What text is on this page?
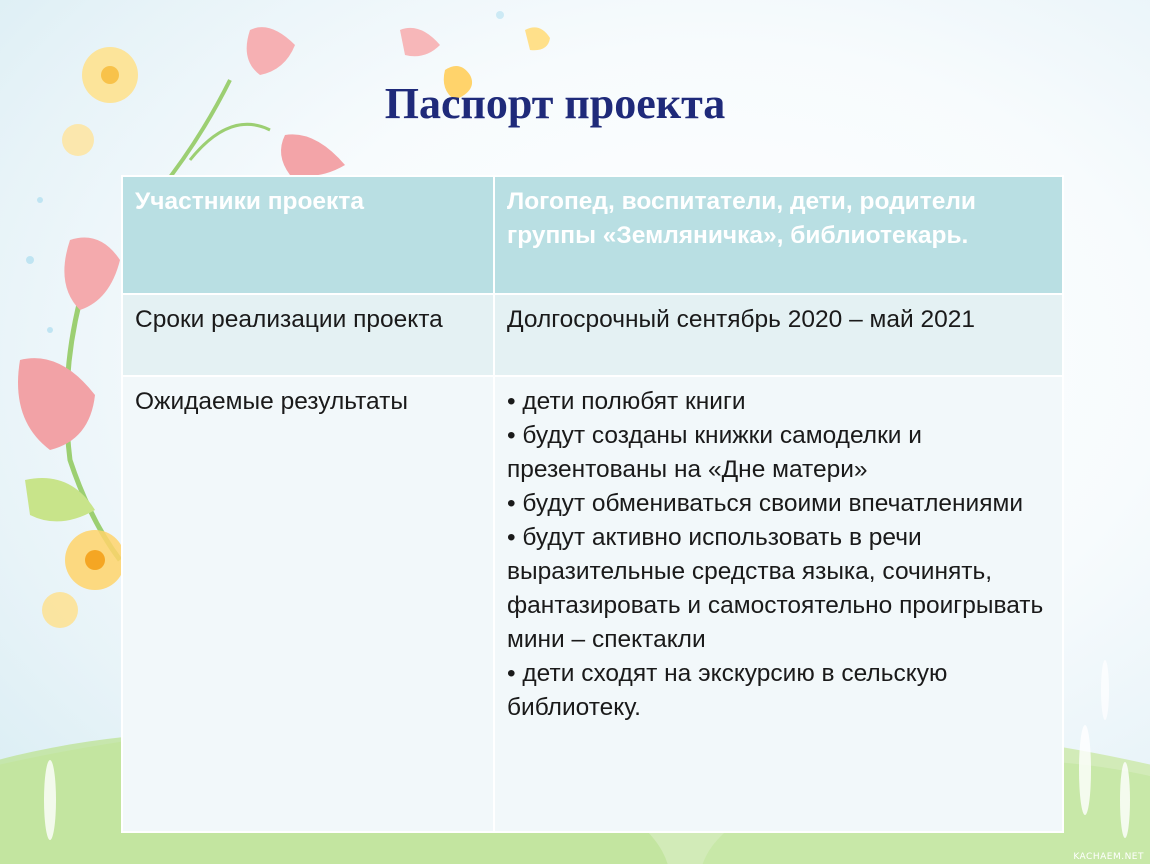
Паспорт проекта
Участники проекта	Логопед, воспитатели, дети, родители группы «Земляничка», библиотекарь.
Сроки реализации проекта	Долгосрочный сентябрь 2020 – май 2021
Ожидаемые результаты	• дети полюбят книги
• будут созданы книжки самоделки и презентованы на «Дне матери»
• будут обмениваться своими впечатлениями
• будут активно использовать в речи выразительные средства языка, сочинять, фантазировать и самостоятельно проигрывать мини – спектакли
• дети сходят на экскурсию в сельскую библиотеку.
KACHAEM.NET
